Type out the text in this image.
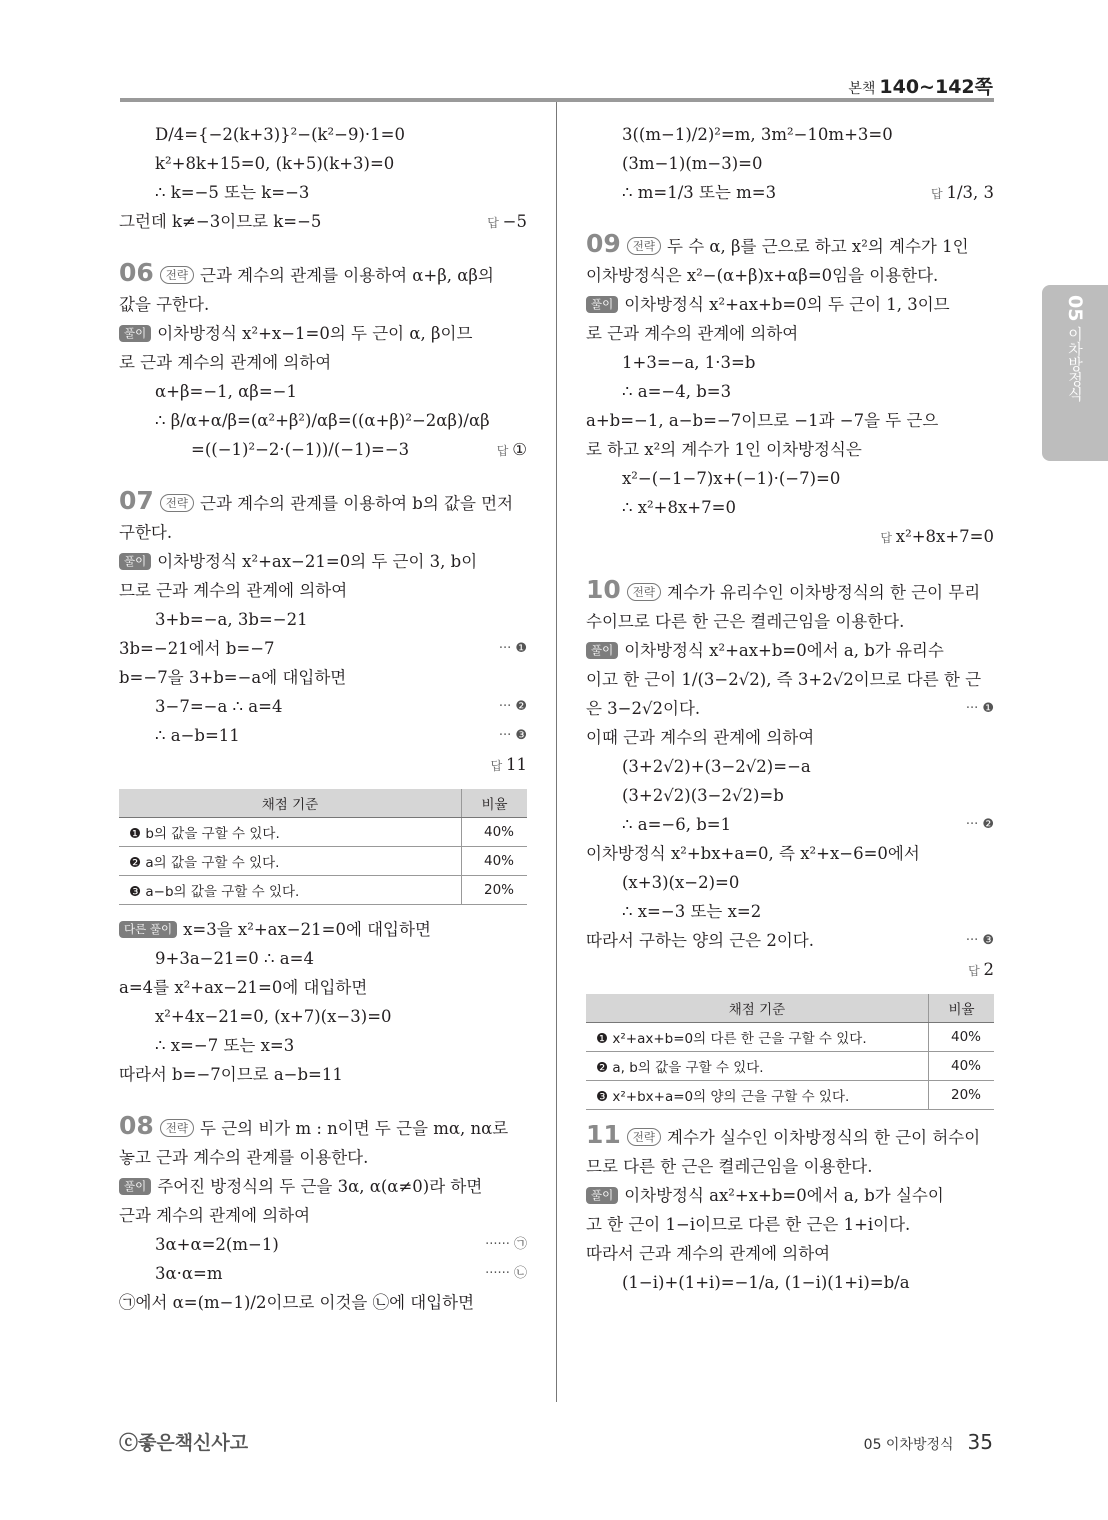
본책 140~142쪽
05 이차방정식
D/4={−2(k+3)}²−(k²−9)·1=0
k²+8k+15=0, (k+5)(k+3)=0
∴ k=−5 또는 k=−3
답 −5
그런데 k≠−3이므로 k=−5
06 전략 근과 계수의 관계를 이용하여 α+β, αβ의
값을 구한다.
풀이 이차방정식 x²+x−1=0의 두 근이 α, β이므
로 근과 계수의 관계에 의하여
α+β=−1, αβ=−1
∴ β/α+α/β=(α²+β²)/αβ=((α+β)²−2αβ)/αβ
답 ①
=((−1)²−2·(−1))/(−1)=−3
07 전략 근과 계수의 관계를 이용하여 b의 값을 먼저
구한다.
풀이 이차방정식 x²+ax−21=0의 두 근이 3, b이
므로 근과 계수의 관계에 의하여
3+b=−a, 3b=−21
··· ❶
3b=−21에서 b=−7
b=−7을 3+b=−a에 대입하면
··· ❷
3−7=−a ∴ a=4
··· ❸
∴ a−b=11
답 11
채점 기준	비율
❶ b의 값을 구할 수 있다.	40%
❷ a의 값을 구할 수 있다.	40%
❸ a−b의 값을 구할 수 있다.	20%
다른 풀이 x=3을 x²+ax−21=0에 대입하면
9+3a−21=0 ∴ a=4
a=4를 x²+ax−21=0에 대입하면
x²+4x−21=0, (x+7)(x−3)=0
∴ x=−7 또는 x=3
따라서 b=−7이므로 a−b=11
08 전략 두 근의 비가 m : n이면 두 근을 mα, nα로
놓고 근과 계수의 관계를 이용한다.
풀이 주어진 방정식의 두 근을 3α, α(α≠0)라 하면
근과 계수의 관계에 의하여
······ ㉠
3α+α=2(m−1)
······ ㉡
3α·α=m
㉠에서 α=(m−1)/2이므로 이것을 ㉡에 대입하면
3((m−1)/2)²=m, 3m²−10m+3=0
(3m−1)(m−3)=0
답 1/3, 3
∴ m=1/3 또는 m=3
09 전략 두 수 α, β를 근으로 하고 x²의 계수가 1인
이차방정식은 x²−(α+β)x+αβ=0임을 이용한다.
풀이 이차방정식 x²+ax+b=0의 두 근이 1, 3이므
로 근과 계수의 관계에 의하여
1+3=−a, 1·3=b
∴ a=−4, b=3
a+b=−1, a−b=−7이므로 −1과 −7을 두 근으
로 하고 x²의 계수가 1인 이차방정식은
x²−(−1−7)x+(−1)·(−7)=0
∴ x²+8x+7=0
답 x²+8x+7=0
10 전략 계수가 유리수인 이차방정식의 한 근이 무리
수이므로 다른 한 근은 켤레근임을 이용한다.
풀이 이차방정식 x²+ax+b=0에서 a, b가 유리수
이고 한 근이 1/(3−2√2), 즉 3+2√2이므로 다른 한 근
··· ❶
은 3−2√2이다.
이때 근과 계수의 관계에 의하여
(3+2√2)+(3−2√2)=−a
(3+2√2)(3−2√2)=b
··· ❷
∴ a=−6, b=1
이차방정식 x²+bx+a=0, 즉 x²+x−6=0에서
(x+3)(x−2)=0
∴ x=−3 또는 x=2
··· ❸
따라서 구하는 양의 근은 2이다.
답 2
채점 기준	비율
❶ x²+ax+b=0의 다른 한 근을 구할 수 있다.	40%
❷ a, b의 값을 구할 수 있다.	40%
❸ x²+bx+a=0의 양의 근을 구할 수 있다.	20%
11 전략 계수가 실수인 이차방정식의 한 근이 허수이
므로 다른 한 근은 켤레근임을 이용한다.
풀이 이차방정식 ax²+x+b=0에서 a, b가 실수이
고 한 근이 1−i이므로 다른 한 근은 1+i이다.
따라서 근과 계수의 관계에 의하여
(1−i)+(1+i)=−1/a, (1−i)(1+i)=b/a
ⓒ좋은책신사고	05 이차방정식 35
